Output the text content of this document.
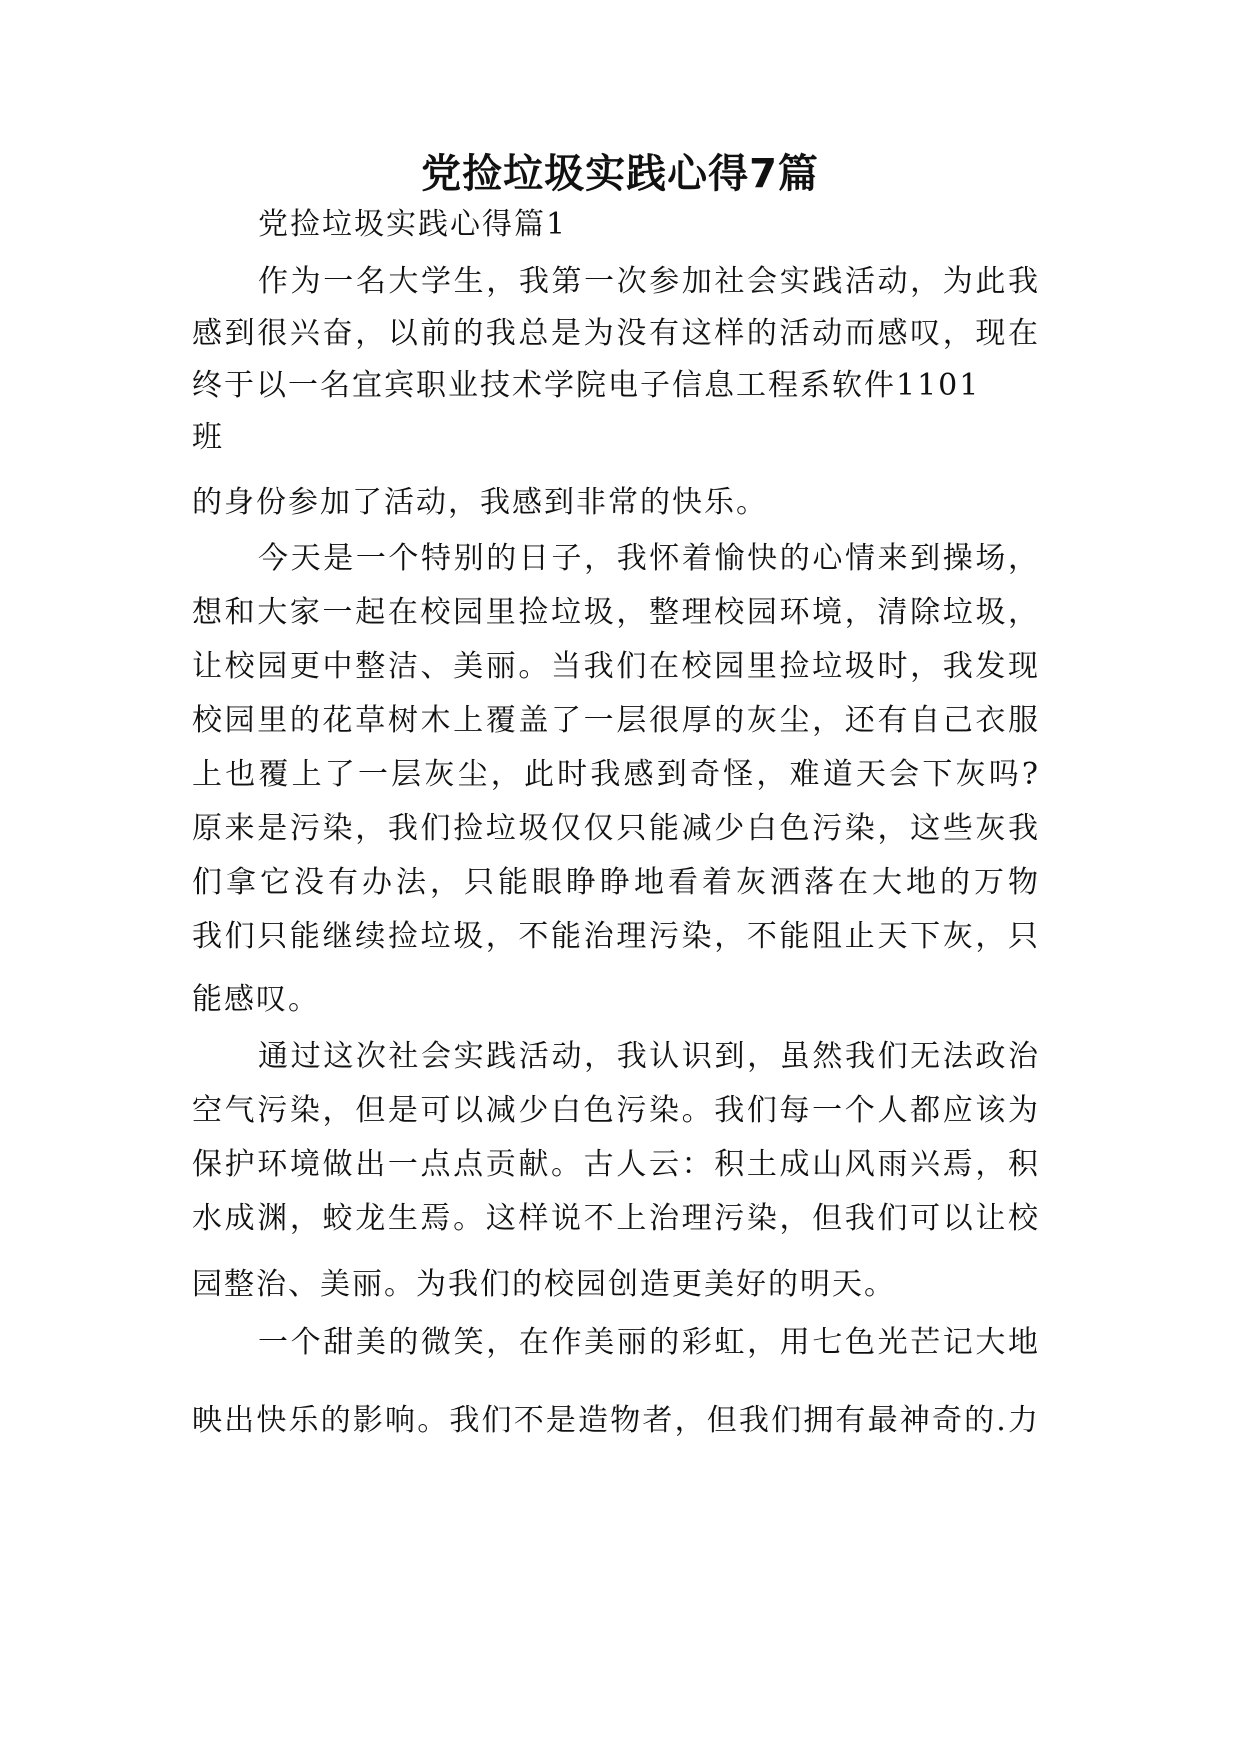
党捡垃圾实践心得7篇
党捡垃圾实践心得篇1
作为一名大学生，我第一次参加社会实践活动，为此我
感到很兴奋，以前的我总是为没有这样的活动而感叹，现在
终于以一名宜宾职业技术学院电子信息工程系软件1101
班
的身份参加了活动，我感到非常的快乐。
今天是一个特别的日子，我怀着愉快的心情来到操场，
想和大家一起在校园里捡垃圾，整理校园环境，清除垃圾，
让校园更中整洁、美丽。当我们在校园里捡垃圾时，我发现
校园里的花草树木上覆盖了一层很厚的灰尘，还有自己衣服
上也覆上了一层灰尘，此时我感到奇怪，难道天会下灰吗?
原来是污染，我们捡垃圾仅仅只能减少白色污染，这些灰我
们拿它没有办法，只能眼睁睁地看着灰洒落在大地的万物
我们只能继续捡垃圾，不能治理污染，不能阻止天下灰，只
能感叹。
通过这次社会实践活动，我认识到，虽然我们无法政治
空气污染，但是可以减少白色污染。我们每一个人都应该为
保护环境做出一点点贡献。古人云：积土成山风雨兴焉，积
水成渊，蛟龙生焉。这样说不上治理污染，但我们可以让校
园整治、美丽。为我们的校园创造更美好的明天。
一个甜美的微笑，在作美丽的彩虹，用七色光芒记大地
映出快乐的影响。我们不是造物者，但我们拥有最神奇的.力
